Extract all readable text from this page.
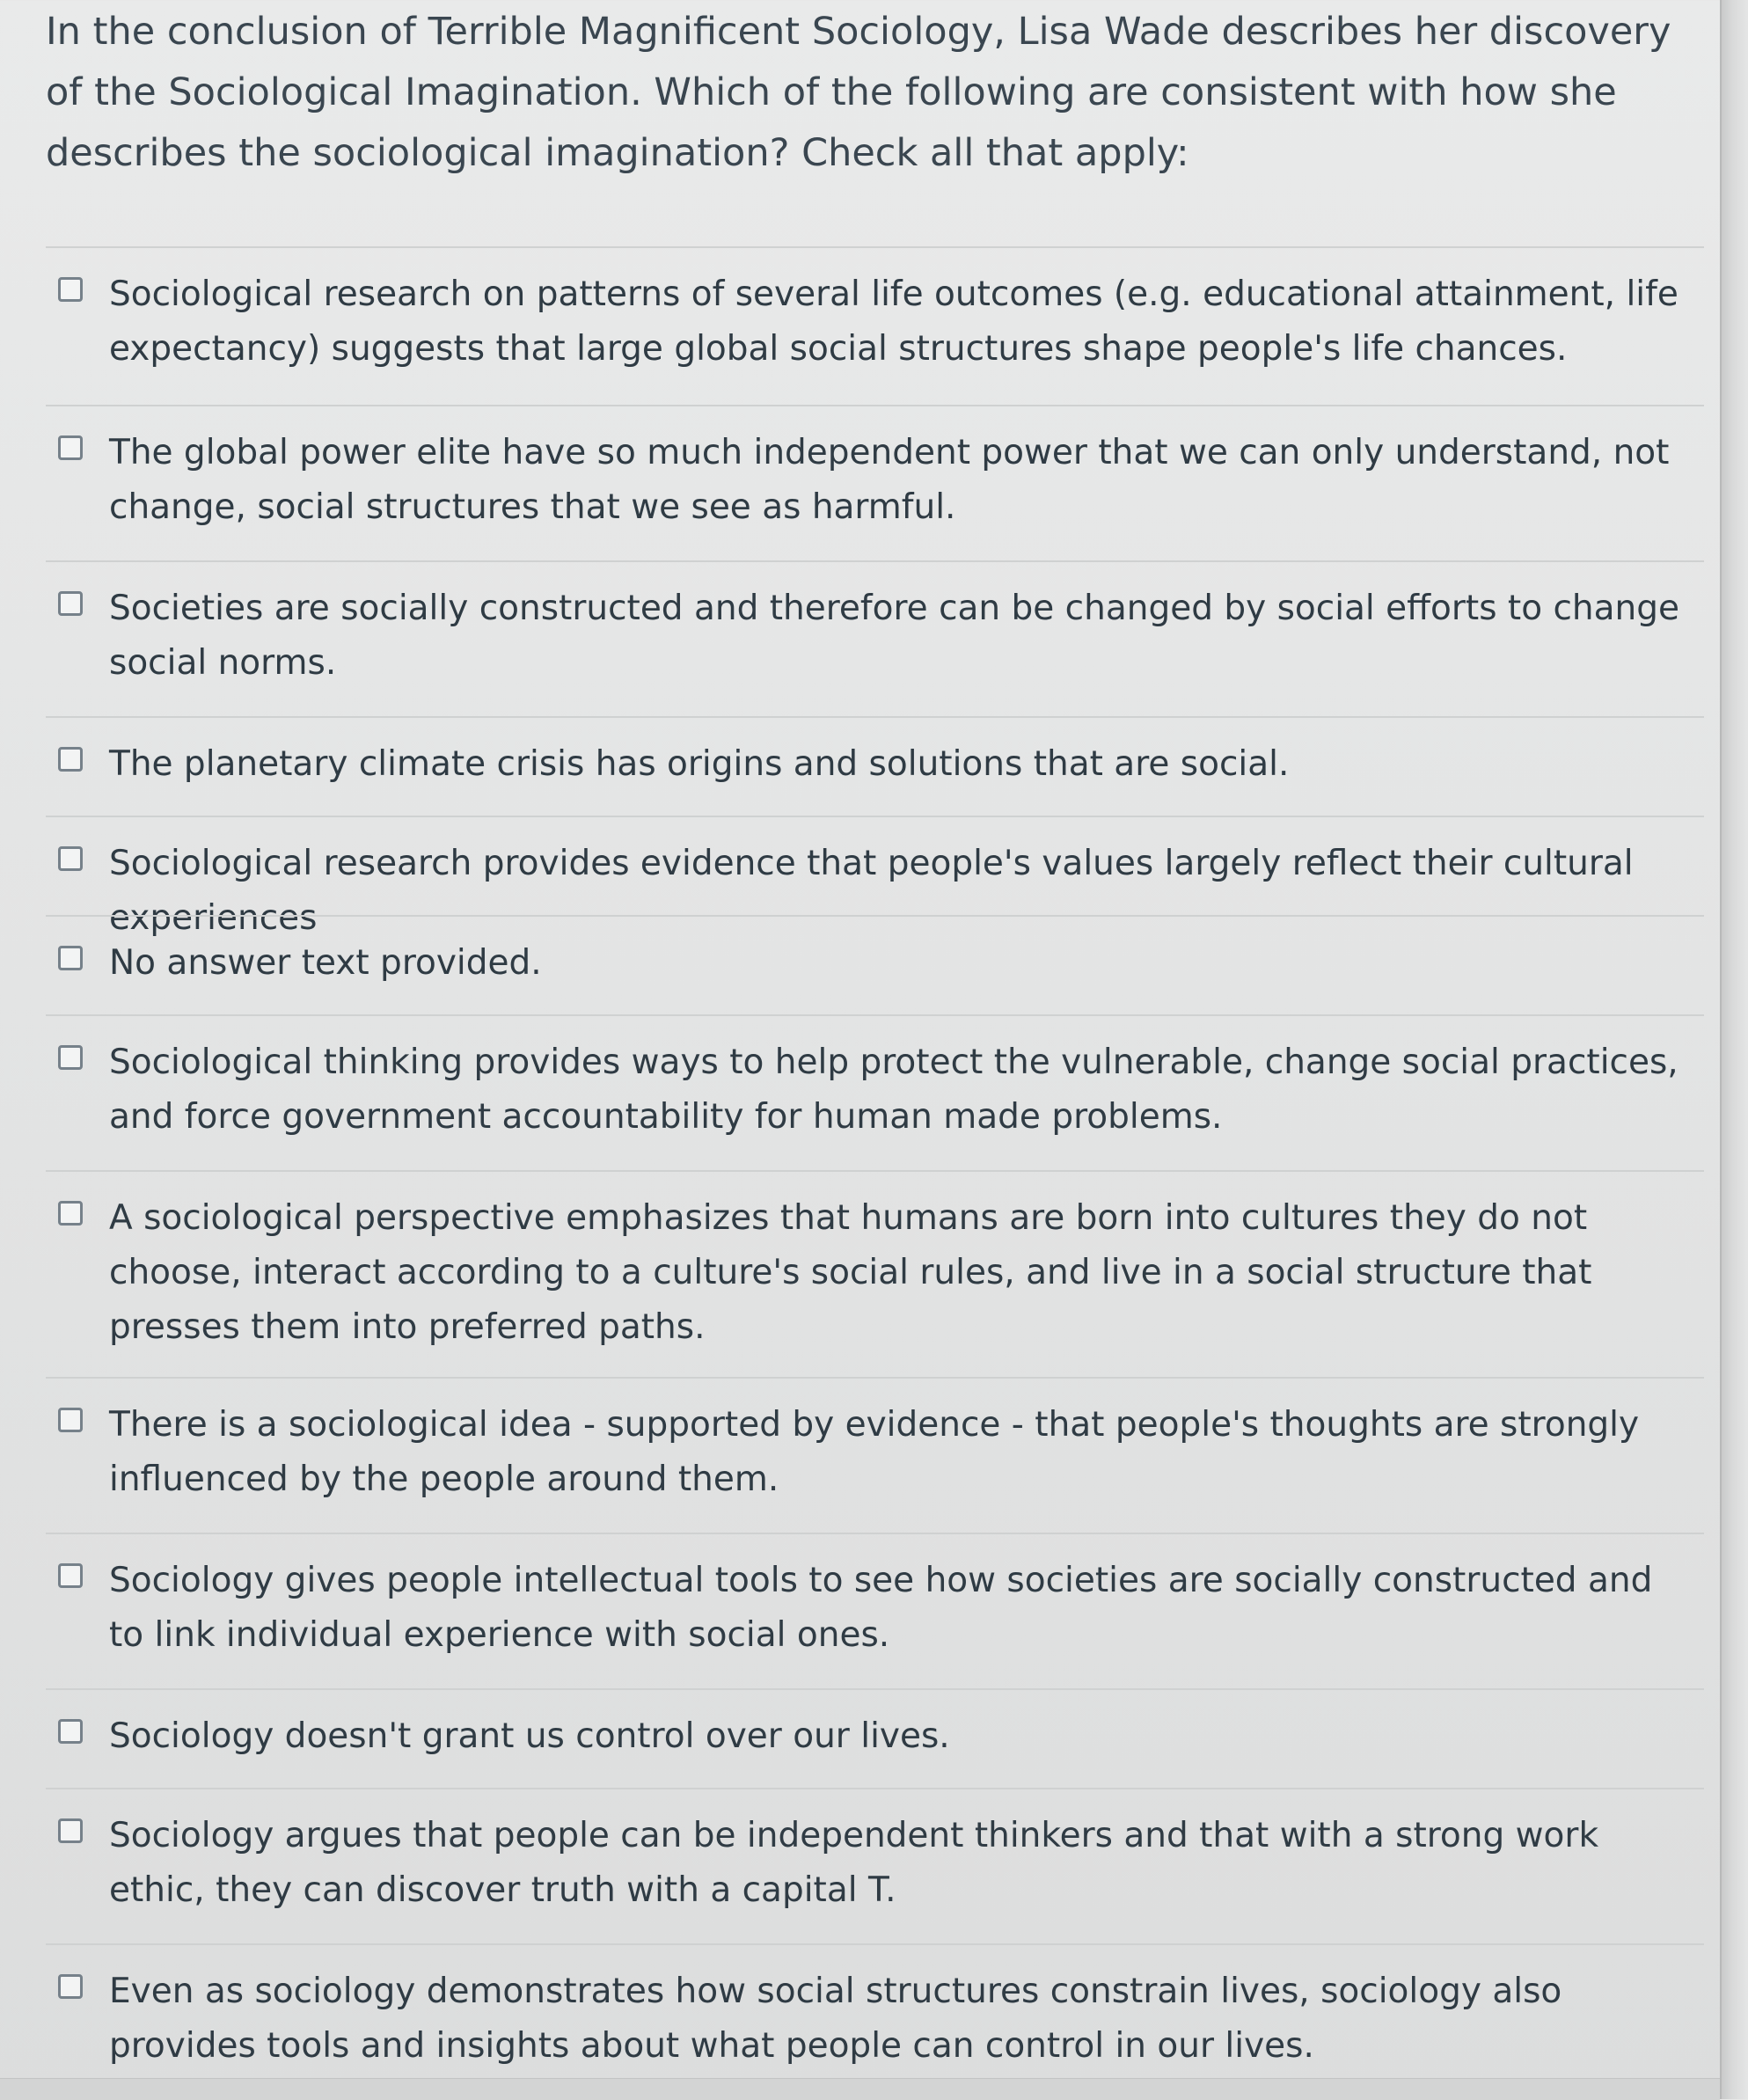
In the conclusion of Terrible Magnificent Sociology, Lisa Wade describes her discovery of the Sociological Imagination. Which of the following are consistent with how she describes the sociological imagination? Check all that apply:

Sociological research on patterns of several life outcomes (e.g. educational attainment, life expectancy) suggests that large global social structures shape people's life chances.
The global power elite have so much independent power that we can only understand, not change, social structures that we see as harmful.
Societies are socially constructed and therefore can be changed by social efforts to change social norms.
The planetary climate crisis has origins and solutions that are social.
Sociological research provides evidence that people's values largely reflect their cultural experiences
No answer text provided.
Sociological thinking provides ways to help protect the vulnerable, change social practices, and force government accountability for human made problems.
A sociological perspective emphasizes that humans are born into cultures they do not choose, interact according to a culture's social rules, and live in a social structure that presses them into preferred paths.
There is a sociological idea - supported by evidence - that people's thoughts are strongly influenced by the people around them.
Sociology gives people intellectual tools to see how societies are socially constructed and to link individual experience with social ones.
Sociology doesn't grant us control over our lives.
Sociology argues that people can be independent thinkers and that with a strong work ethic, they can discover truth with a capital T.
Even as sociology demonstrates how social structures constrain lives, sociology also provides tools and insights about what people can control in our lives.
